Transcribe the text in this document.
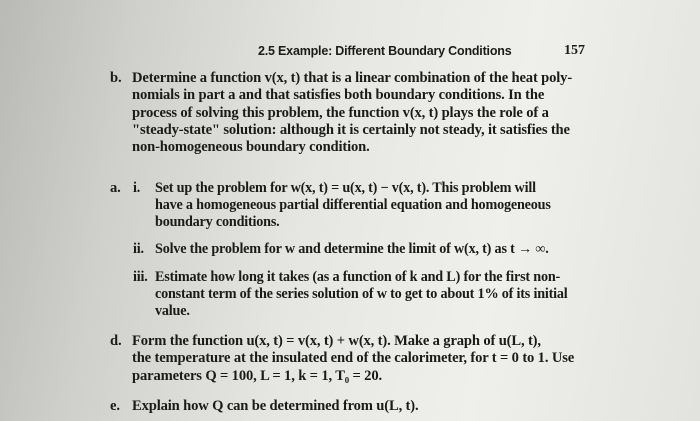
2.5 Example: Different Boundary Conditions	157
b. Determine a function v(x, t) that is a linear combination of the heat poly-
nomials in part a and that satisfies both boundary conditions. In the
process of solving this problem, the function v(x, t) plays the role of a
"steady-state" solution: although it is certainly not steady, it satisfies the
non-homogeneous boundary condition.
a. i. Set up the problem for w(x, t) = u(x, t) − v(x, t). This problem will
have a homogeneous partial differential equation and homogeneous
boundary conditions.
ii. Solve the problem for w and determine the limit of w(x, t) as t → ∞.
iii. Estimate how long it takes (as a function of k and L) for the first non-
constant term of the series solution of w to get to about 1% of its initial
value.
d. Form the function u(x, t) = v(x, t) + w(x, t). Make a graph of u(L, t),
the temperature at the insulated end of the calorimeter, for t = 0 to 1. Use
parameters Q = 100, L = 1, k = 1, T₀ = 20.
e. Explain how Q can be determined from u(L, t).
